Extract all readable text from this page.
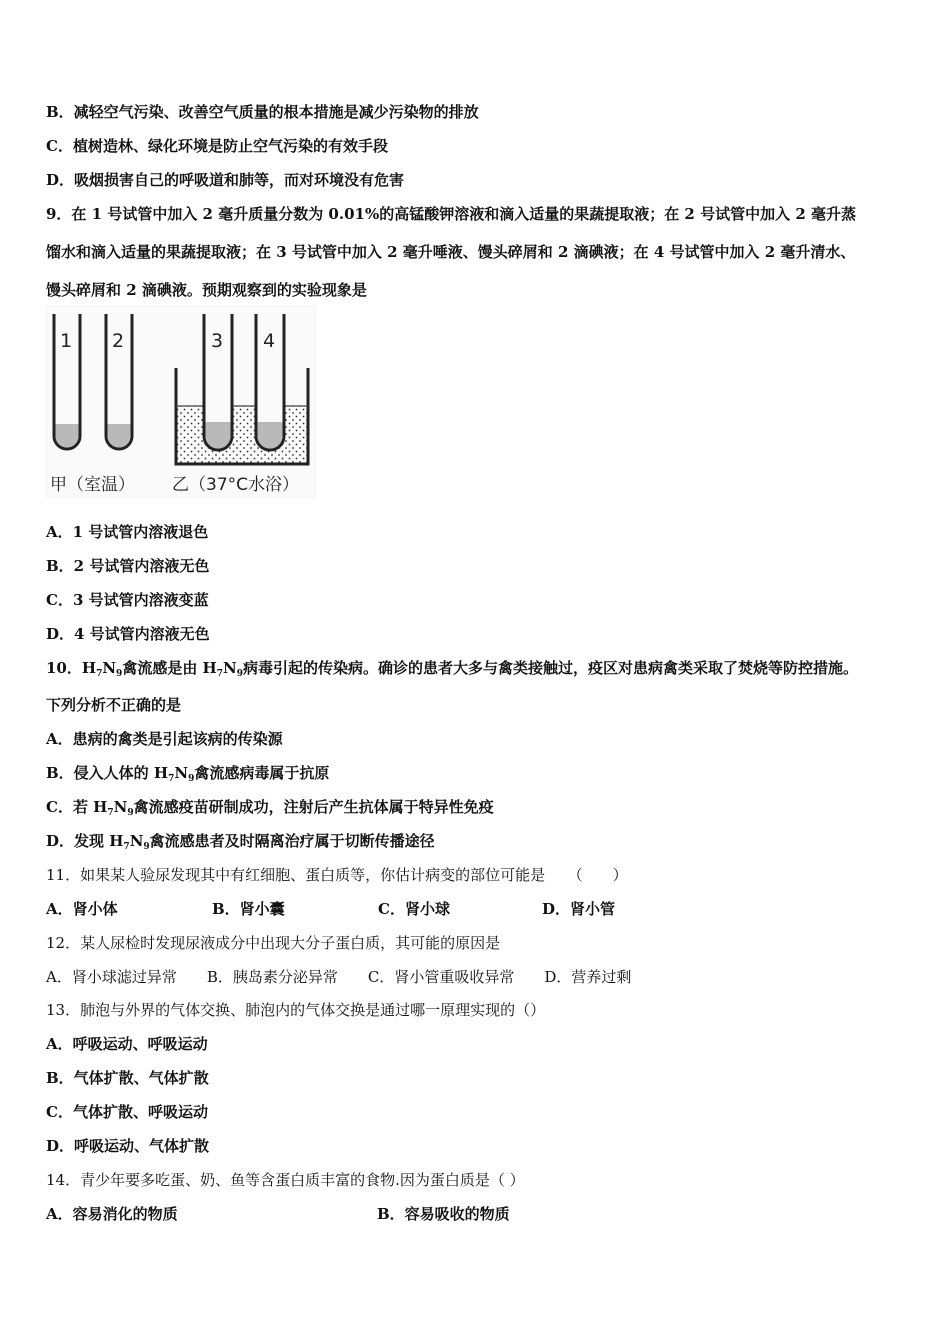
B．减轻空气污染、改善空气质量的根本措施是减少污染物的排放
C．植树造林、绿化环境是防止空气污染的有效手段
D．吸烟损害自己的呼吸道和肺等，而对环境没有危害
9．在 1 号试管中加入 2 毫升质量分数为 0.01%的高锰酸钾溶液和滴入适量的果蔬提取液；在 2 号试管中加入 2 毫升蒸
馏水和滴入适量的果蔬提取液；在 3 号试管中加入 2 毫升唾液、馒头碎屑和 2 滴碘液；在 4 号试管中加入 2 毫升清水、
馒头碎屑和 2 滴碘液。预期观察到的实验现象是
1 2	3 4
甲（室温） 乙（37°C水浴）
A．1 号试管内溶液退色
B．2 号试管内溶液无色
C．3 号试管内溶液变蓝
D．4 号试管内溶液无色
10．$H_7N_9$禽流感是由 $H_7N_9$病毒引起的传染病。确诊的患者大多与禽类接触过，疫区对患病禽类采取了焚烧等防控措施。
下列分析不正确的是
A．患病的禽类是引起该病的传染源
B．侵入人体的 $H_7N_9$禽流感病毒属于抗原
C．若 $H_7N_9$禽流感疫苗研制成功，注射后产生抗体属于特异性免疫
D．发现 $H_7N_9$禽流感患者及时隔离治疗属于切断传播途径
11．如果某人验尿发现其中有红细胞、蛋白质等，你估计病变的部位可能是　　（　　）
A．肾小体	B．肾小囊	C．肾小球	D．肾小管
12．某人尿检时发现尿液成分中出现大分子蛋白质，其可能的原因是
A．肾小球滤过异常　　B．胰岛素分泌异常　　C．肾小管重吸收异常　　D．营养过剩
13．肺泡与外界的气体交换、肺泡内的气体交换是通过哪一原理实现的（）
A．呼吸运动、呼吸运动
B．气体扩散、气体扩散
C．气体扩散、呼吸运动
D．呼吸运动、气体扩散
14．青少年要多吃蛋、奶、鱼等含蛋白质丰富的食物.因为蛋白质是（ ）
A．容易消化的物质	B．容易吸收的物质
